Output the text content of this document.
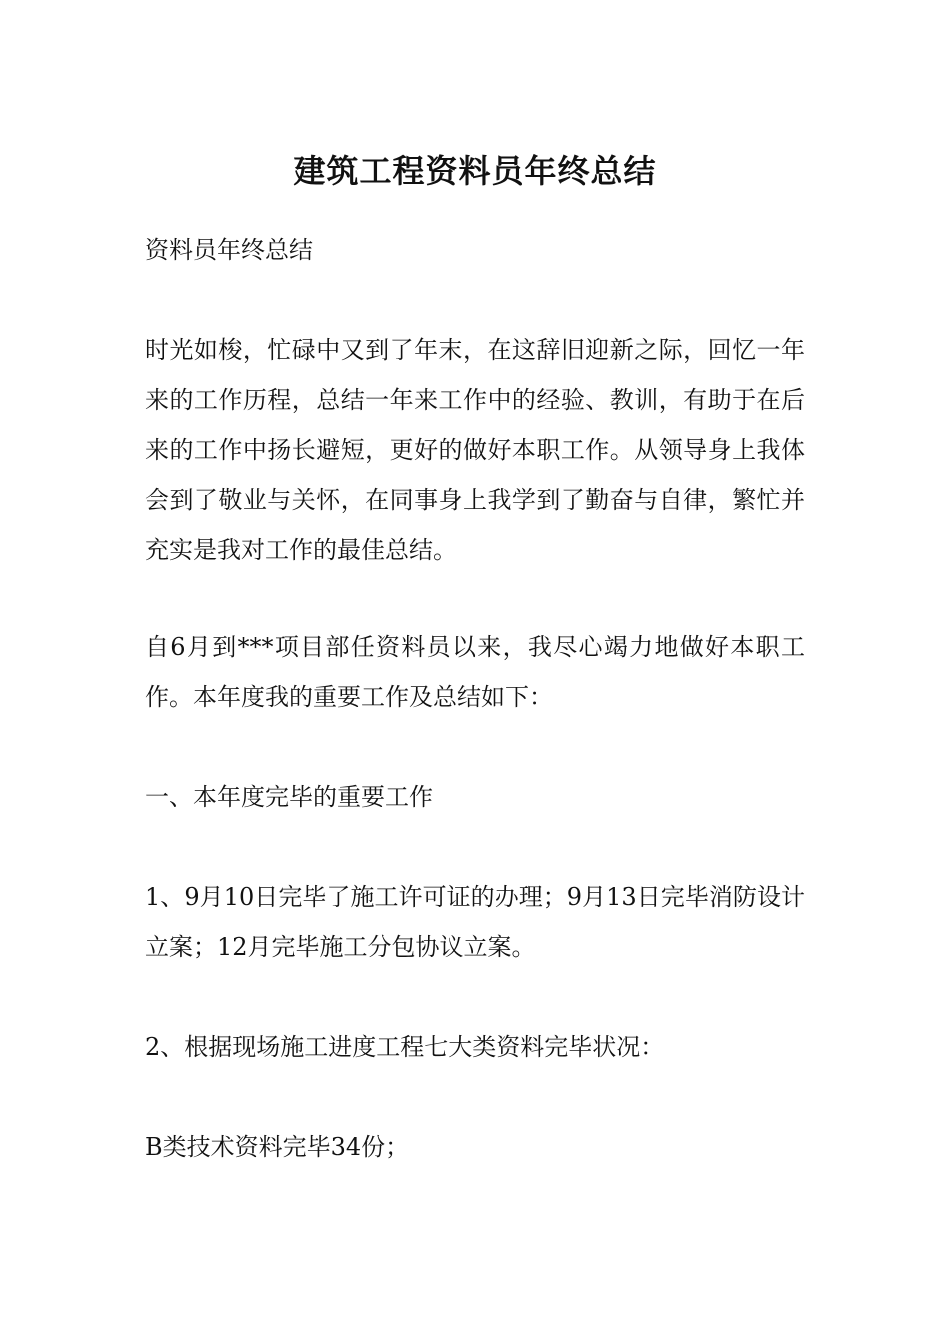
建筑工程资料员年终总结

资料员年终总结

时光如梭，忙碌中又到了年末，在这辞旧迎新之际，回忆一年来的工作历程，总结一年来工作中的经验、教训，有助于在后来的工作中扬长避短，更好的做好本职工作。从领导身上我体会到了敬业与关怀，在同事身上我学到了勤奋与自律，繁忙并充实是我对工作的最佳总结。

自6月到***项目部任资料员以来，我尽心竭力地做好本职工作。本年度我的重要工作及总结如下：

一、本年度完毕的重要工作

1、9月10日完毕了施工许可证的办理；9月13日完毕消防设计立案；12月完毕施工分包协议立案。

2、根据现场施工进度工程七大类资料完毕状况：

B类技术资料完毕34份；
